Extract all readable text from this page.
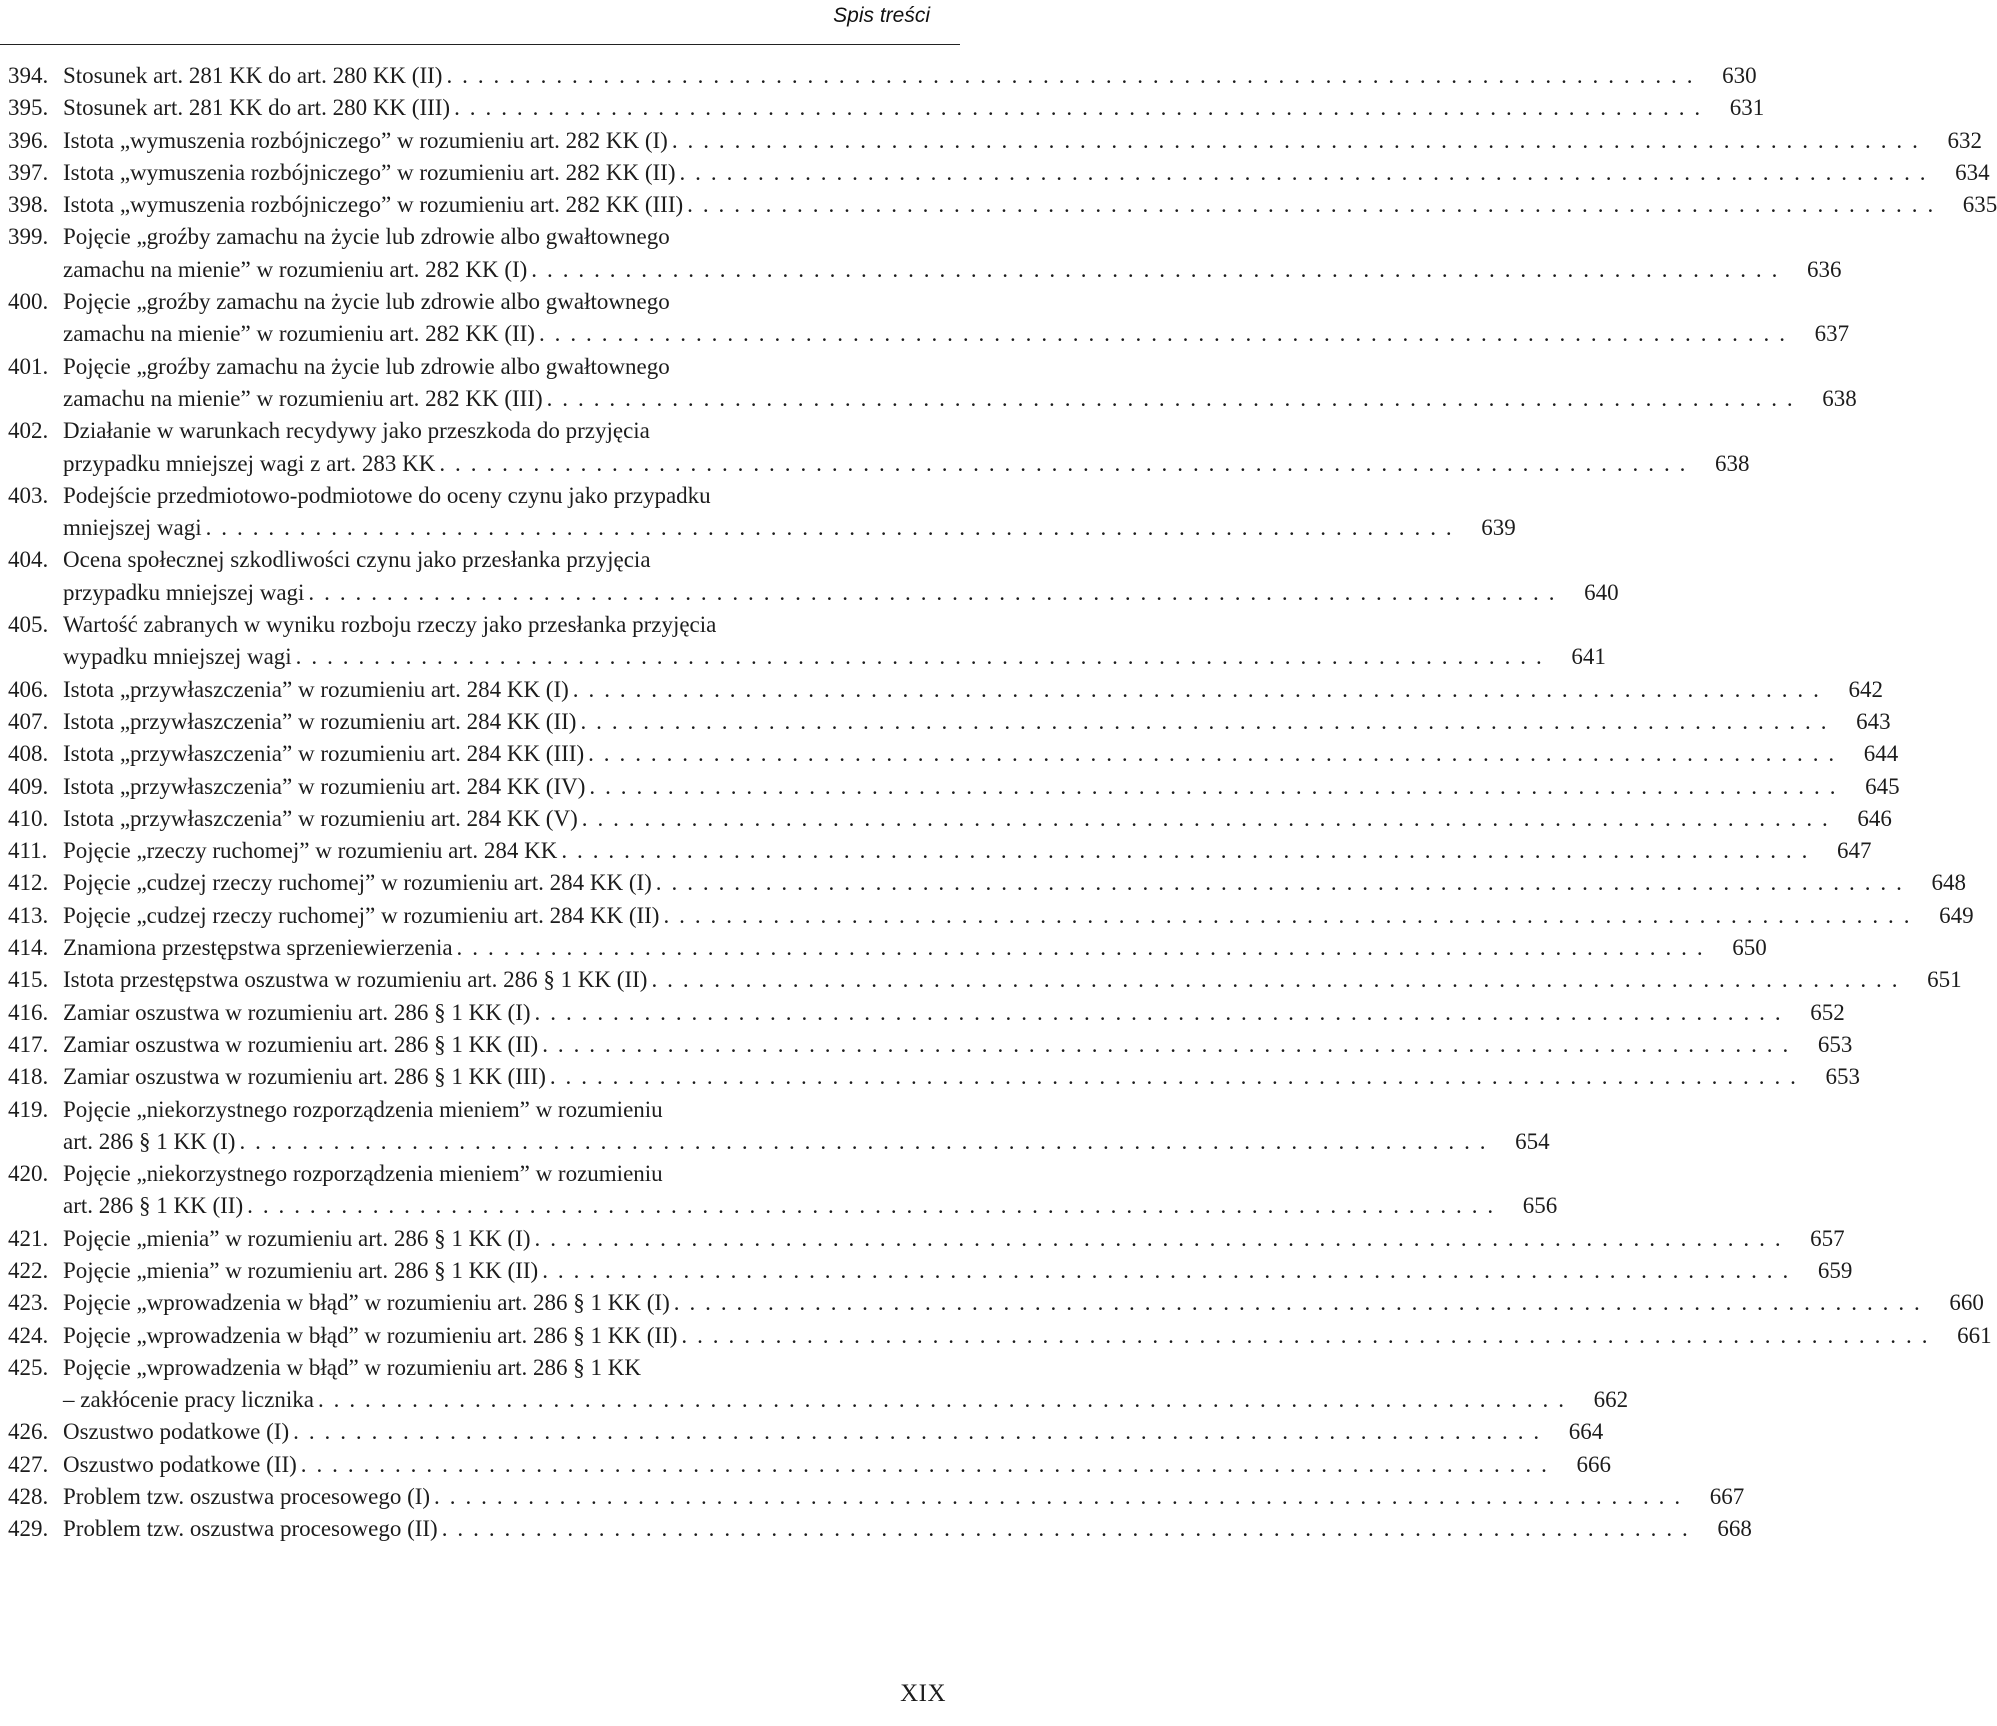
Spis treści
394. Stosunek art. 281 KK do art. 280 KK (II) . . . . . . . . . . . . . . . . . . . . . . . . . . . . . . . . . . . . . . . . . . . . . . . . . . . . . . . . . . . . . . . . . . . . . . . . . . . . . . . .	630
395. Stosunek art. 281 KK do art. 280 KK (III) . . . . . . . . . . . . . . . . . . . . . . . . . . . . . . . . . . . . . . . . . . . . . . . . . . . . . . . . . . . . . . . . . . . . . . . . . . . . . . . .	631
396. Istota „wymuszenia rozbójniczego” w rozumieniu art. 282 KK (I) . . . . . . . . . . . . . . . . . . . . . . . . . . . . . . . . . . . . . . . . . . . . . . . . . . . . . . . . . . . . . . . . . . . . . . . . . . . . . . . .	632
397. Istota „wymuszenia rozbójniczego” w rozumieniu art. 282 KK (II) . . . . . . . . . . . . . . . . . . . . . . . . . . . . . . . . . . . . . . . . . . . . . . . . . . . . . . . . . . . . . . . . . . . . . . . . . . . . . . . .	634
398. Istota „wymuszenia rozbójniczego” w rozumieniu art. 282 KK (III) . . . . . . . . . . . . . . . . . . . . . . . . . . . . . . . . . . . . . . . . . . . . . . . . . . . . . . . . . . . . . . . . . . . . . . . . . . . . . . . .	635
399. Pojęcie „groźby zamachu na życie lub zdrowie albo gwałtownego
zamachu na mienie” w rozumieniu art. 282 KK (I) . . . . . . . . . . . . . . . . . . . . . . . . . . . . . . . . . . . . . . . . . . . . . . . . . . . . . . . . . . . . . . . . . . . . . . . . . . . . . . . .	636
400. Pojęcie „groźby zamachu na życie lub zdrowie albo gwałtownego
zamachu na mienie” w rozumieniu art. 282 KK (II) . . . . . . . . . . . . . . . . . . . . . . . . . . . . . . . . . . . . . . . . . . . . . . . . . . . . . . . . . . . . . . . . . . . . . . . . . . . . . . . .	637
401. Pojęcie „groźby zamachu na życie lub zdrowie albo gwałtownego
zamachu na mienie” w rozumieniu art. 282 KK (III) . . . . . . . . . . . . . . . . . . . . . . . . . . . . . . . . . . . . . . . . . . . . . . . . . . . . . . . . . . . . . . . . . . . . . . . . . . . . . . . .	638
402. Działanie w warunkach recydywy jako przeszkoda do przyjęcia
przypadku mniejszej wagi z art. 283 KK . . . . . . . . . . . . . . . . . . . . . . . . . . . . . . . . . . . . . . . . . . . . . . . . . . . . . . . . . . . . . . . . . . . . . . . . . . . . . . . .	638
403. Podejście przedmiotowo-podmiotowe do oceny czynu jako przypadku
mniejszej wagi . . . . . . . . . . . . . . . . . . . . . . . . . . . . . . . . . . . . . . . . . . . . . . . . . . . . . . . . . . . . . . . . . . . . . . . . . . . . . . . .	639
404. Ocena społecznej szkodliwości czynu jako przesłanka przyjęcia
przypadku mniejszej wagi . . . . . . . . . . . . . . . . . . . . . . . . . . . . . . . . . . . . . . . . . . . . . . . . . . . . . . . . . . . . . . . . . . . . . . . . . . . . . . . .	640
405. Wartość zabranych w wyniku rozboju rzeczy jako przesłanka przyjęcia
wypadku mniejszej wagi . . . . . . . . . . . . . . . . . . . . . . . . . . . . . . . . . . . . . . . . . . . . . . . . . . . . . . . . . . . . . . . . . . . . . . . . . . . . . . . .	641
406. Istota „przywłaszczenia” w rozumieniu art. 284 KK (I) . . . . . . . . . . . . . . . . . . . . . . . . . . . . . . . . . . . . . . . . . . . . . . . . . . . . . . . . . . . . . . . . . . . . . . . . . . . . . . . .	642
407. Istota „przywłaszczenia” w rozumieniu art. 284 KK (II) . . . . . . . . . . . . . . . . . . . . . . . . . . . . . . . . . . . . . . . . . . . . . . . . . . . . . . . . . . . . . . . . . . . . . . . . . . . . . . . .	643
408. Istota „przywłaszczenia” w rozumieniu art. 284 KK (III) . . . . . . . . . . . . . . . . . . . . . . . . . . . . . . . . . . . . . . . . . . . . . . . . . . . . . . . . . . . . . . . . . . . . . . . . . . . . . . . .	644
409. Istota „przywłaszczenia” w rozumieniu art. 284 KK (IV) . . . . . . . . . . . . . . . . . . . . . . . . . . . . . . . . . . . . . . . . . . . . . . . . . . . . . . . . . . . . . . . . . . . . . . . . . . . . . . . .	645
410. Istota „przywłaszczenia” w rozumieniu art. 284 KK (V) . . . . . . . . . . . . . . . . . . . . . . . . . . . . . . . . . . . . . . . . . . . . . . . . . . . . . . . . . . . . . . . . . . . . . . . . . . . . . . . .	646
411. Pojęcie „rzeczy ruchomej” w rozumieniu art. 284 KK . . . . . . . . . . . . . . . . . . . . . . . . . . . . . . . . . . . . . . . . . . . . . . . . . . . . . . . . . . . . . . . . . . . . . . . . . . . . . . . .	647
412. Pojęcie „cudzej rzeczy ruchomej” w rozumieniu art. 284 KK (I) . . . . . . . . . . . . . . . . . . . . . . . . . . . . . . . . . . . . . . . . . . . . . . . . . . . . . . . . . . . . . . . . . . . . . . . . . . . . . . . .	648
413. Pojęcie „cudzej rzeczy ruchomej” w rozumieniu art. 284 KK (II) . . . . . . . . . . . . . . . . . . . . . . . . . . . . . . . . . . . . . . . . . . . . . . . . . . . . . . . . . . . . . . . . . . . . . . . . . . . . . . . .	649
414. Znamiona przestępstwa sprzeniewierzenia . . . . . . . . . . . . . . . . . . . . . . . . . . . . . . . . . . . . . . . . . . . . . . . . . . . . . . . . . . . . . . . . . . . . . . . . . . . . . . . .	650
415. Istota przestępstwa oszustwa w rozumieniu art. 286 § 1 KK (II) . . . . . . . . . . . . . . . . . . . . . . . . . . . . . . . . . . . . . . . . . . . . . . . . . . . . . . . . . . . . . . . . . . . . . . . . . . . . . . . .	651
416. Zamiar oszustwa w rozumieniu art. 286 § 1 KK (I) . . . . . . . . . . . . . . . . . . . . . . . . . . . . . . . . . . . . . . . . . . . . . . . . . . . . . . . . . . . . . . . . . . . . . . . . . . . . . . . .	652
417. Zamiar oszustwa w rozumieniu art. 286 § 1 KK (II) . . . . . . . . . . . . . . . . . . . . . . . . . . . . . . . . . . . . . . . . . . . . . . . . . . . . . . . . . . . . . . . . . . . . . . . . . . . . . . . .	653
418. Zamiar oszustwa w rozumieniu art. 286 § 1 KK (III) . . . . . . . . . . . . . . . . . . . . . . . . . . . . . . . . . . . . . . . . . . . . . . . . . . . . . . . . . . . . . . . . . . . . . . . . . . . . . . . .	653
419. Pojęcie „niekorzystnego rozporządzenia mieniem” w rozumieniu
art. 286 § 1 KK (I) . . . . . . . . . . . . . . . . . . . . . . . . . . . . . . . . . . . . . . . . . . . . . . . . . . . . . . . . . . . . . . . . . . . . . . . . . . . . . . . .	654
420. Pojęcie „niekorzystnego rozporządzenia mieniem” w rozumieniu
art. 286 § 1 KK (II) . . . . . . . . . . . . . . . . . . . . . . . . . . . . . . . . . . . . . . . . . . . . . . . . . . . . . . . . . . . . . . . . . . . . . . . . . . . . . . . .	656
421. Pojęcie „mienia” w rozumieniu art. 286 § 1 KK (I) . . . . . . . . . . . . . . . . . . . . . . . . . . . . . . . . . . . . . . . . . . . . . . . . . . . . . . . . . . . . . . . . . . . . . . . . . . . . . . . .	657
422. Pojęcie „mienia” w rozumieniu art. 286 § 1 KK (II) . . . . . . . . . . . . . . . . . . . . . . . . . . . . . . . . . . . . . . . . . . . . . . . . . . . . . . . . . . . . . . . . . . . . . . . . . . . . . . . .	659
423. Pojęcie „wprowadzenia w błąd” w rozumieniu art. 286 § 1 KK (I) . . . . . . . . . . . . . . . . . . . . . . . . . . . . . . . . . . . . . . . . . . . . . . . . . . . . . . . . . . . . . . . . . . . . . . . . . . . . . . . .	660
424. Pojęcie „wprowadzenia w błąd” w rozumieniu art. 286 § 1 KK (II) . . . . . . . . . . . . . . . . . . . . . . . . . . . . . . . . . . . . . . . . . . . . . . . . . . . . . . . . . . . . . . . . . . . . . . . . . . . . . . . .	661
425. Pojęcie „wprowadzenia w błąd” w rozumieniu art. 286 § 1 KK
– zakłócenie pracy licznika . . . . . . . . . . . . . . . . . . . . . . . . . . . . . . . . . . . . . . . . . . . . . . . . . . . . . . . . . . . . . . . . . . . . . . . . . . . . . . . .	662
426. Oszustwo podatkowe (I) . . . . . . . . . . . . . . . . . . . . . . . . . . . . . . . . . . . . . . . . . . . . . . . . . . . . . . . . . . . . . . . . . . . . . . . . . . . . . . . .	664
427. Oszustwo podatkowe (II) . . . . . . . . . . . . . . . . . . . . . . . . . . . . . . . . . . . . . . . . . . . . . . . . . . . . . . . . . . . . . . . . . . . . . . . . . . . . . . . .	666
428. Problem tzw. oszustwa procesowego (I) . . . . . . . . . . . . . . . . . . . . . . . . . . . . . . . . . . . . . . . . . . . . . . . . . . . . . . . . . . . . . . . . . . . . . . . . . . . . . . . .	667
429. Problem tzw. oszustwa procesowego (II) . . . . . . . . . . . . . . . . . . . . . . . . . . . . . . . . . . . . . . . . . . . . . . . . . . . . . . . . . . . . . . . . . . . . . . . . . . . . . . . .	668
XIX
